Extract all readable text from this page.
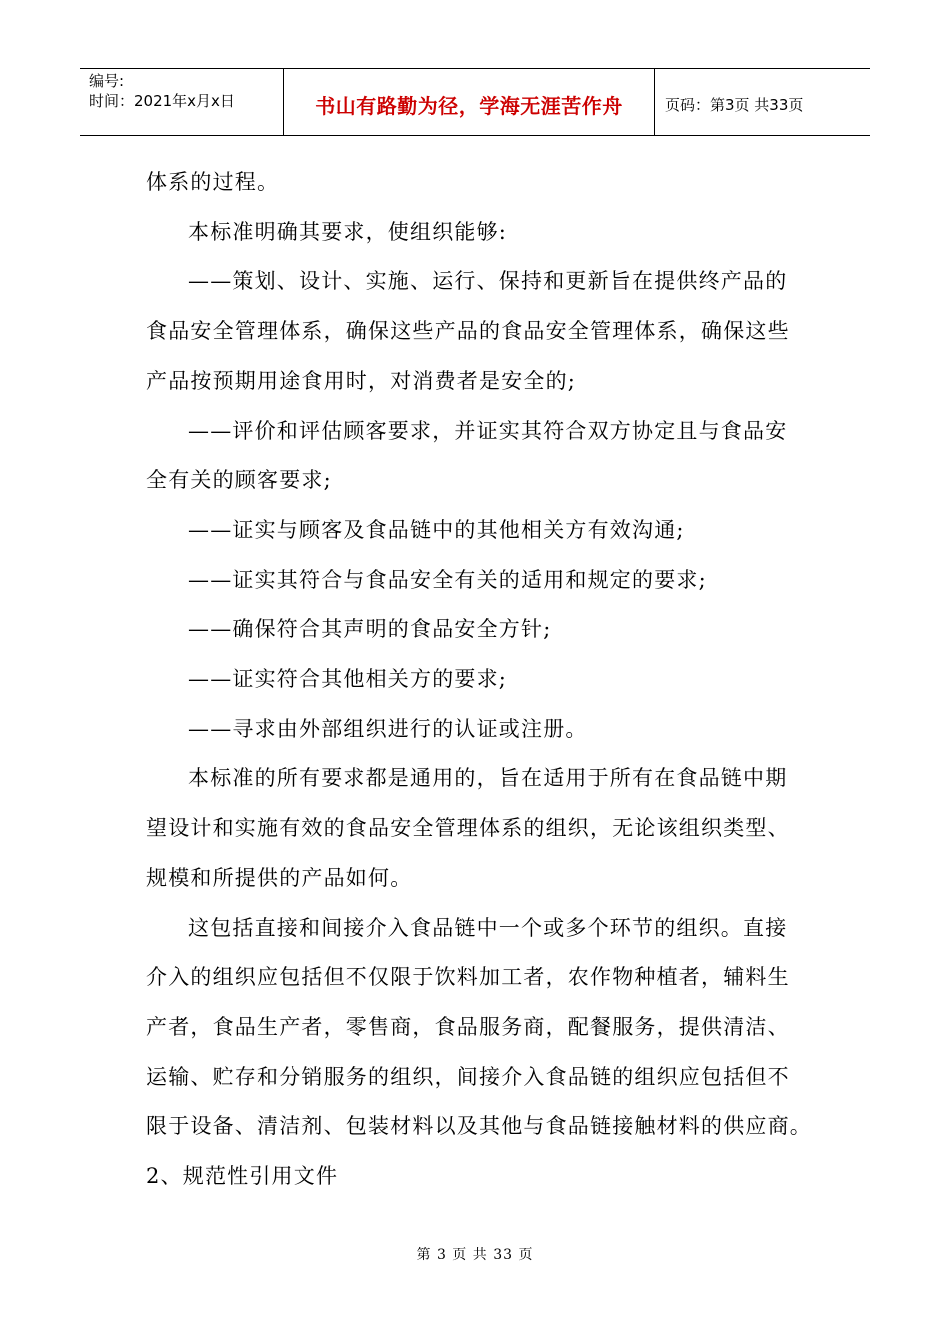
编号:
时间：2021年x月x日	书山有路勤为径，学海无涯苦作舟	页码：第3页 共33页

体系的过程。

本标准明确其要求，使组织能够:

——策划、设计、实施、运行、保持和更新旨在提供终产品的

食品安全管理体系，确保这些产品的食品安全管理体系，确保这些

产品按预期用途食用时，对消费者是安全的;

——评价和评估顾客要求，并证实其符合双方协定且与食品安

全有关的顾客要求;

——证实与顾客及食品链中的其他相关方有效沟通;

——证实其符合与食品安全有关的适用和规定的要求;

——确保符合其声明的食品安全方针;

——证实符合其他相关方的要求;

——寻求由外部组织进行的认证或注册。

本标准的所有要求都是通用的，旨在适用于所有在食品链中期

望设计和实施有效的食品安全管理体系的组织，无论该组织类型、

规模和所提供的产品如何。

这包括直接和间接介入食品链中一个或多个环节的组织。直接

介入的组织应包括但不仅限于饮料加工者，农作物种植者，辅料生

产者，食品生产者，零售商，食品服务商，配餐服务，提供清洁、

运输、贮存和分销服务的组织，间接介入食品链的组织应包括但不

限于设备、清洁剂、包装材料以及其他与食品链接触材料的供应商。

2、规范性引用文件

第 3 页 共 33 页
